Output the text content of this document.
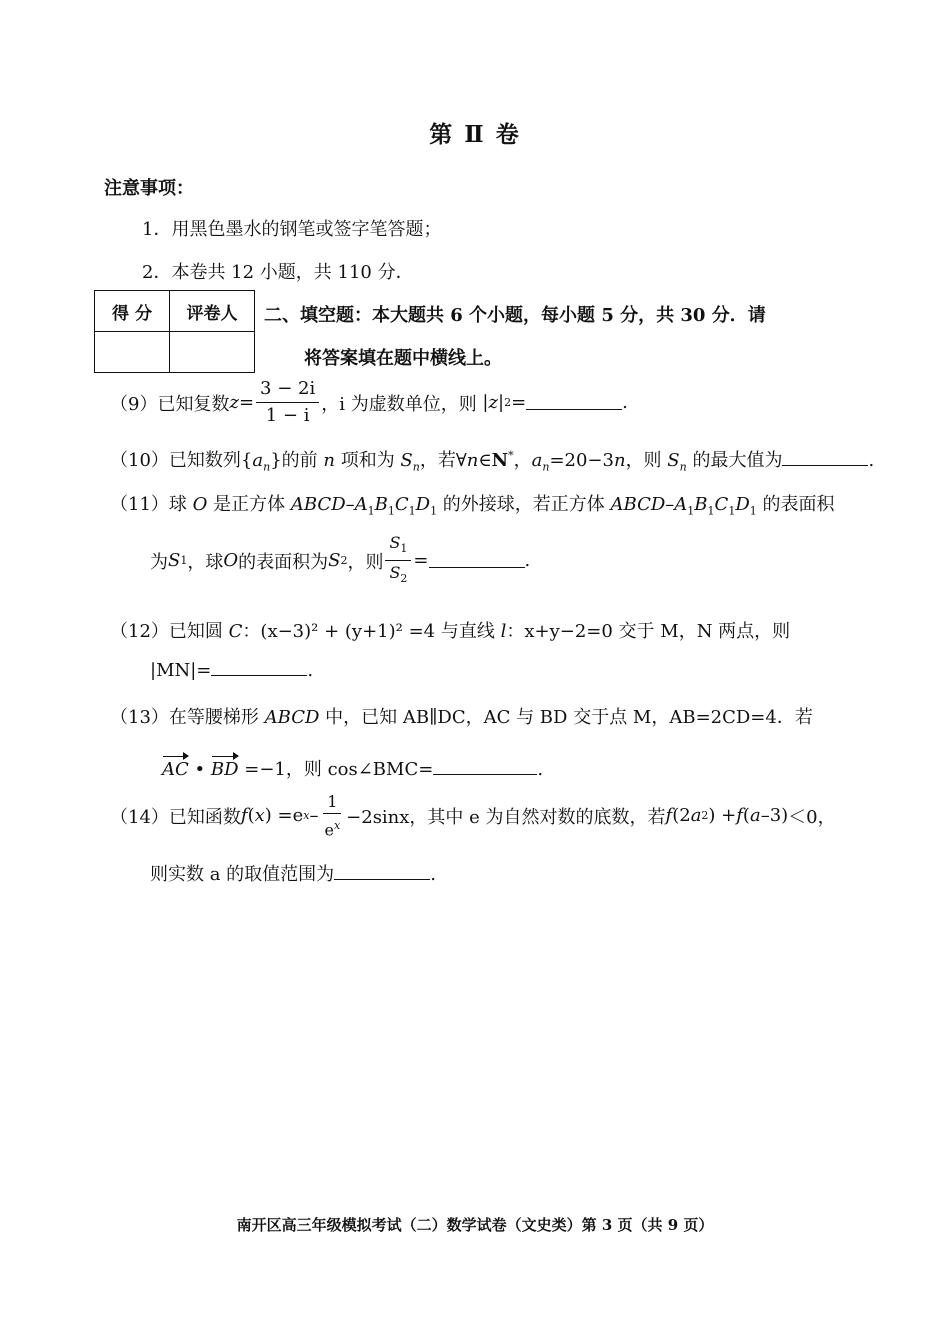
第 Ⅱ 卷
注意事项：
1．用黑色墨水的钢笔或签字笔答题；
2．本卷共 12 小题，共 110 分．
得 分	评卷人
	二、填空题：本大题共 6 个小题，每小题 5 分，共 30 分．请
将答案填在题中横线上。
（9）已知复数 $z = \frac{3 - 2i}{1 - i}$ ，i 为虚数单位，则 | z | 2 =	.
（10）已知数列$\{a_n\}$的前 n 项和为 $S_n$，若∀n∈N*，$a_n=20-3n$，则 $S_n$ 的最大值为	.
（11）球 O 是正方体 ABCD–$A_1B_1C_1D_1$ 的外接球，若正方体 ABCD–$A_1B_1C_1D_1$ 的表面积
为 S 1 ，球 O 的表面积为 S 2 ，则 $\frac{S_1}{S_2}$ =	.
（12）已知圆 C：(x−3)² + (y+1)² =4 与直线 l：x+y−2=0 交于 M，N 两点，则
|MN|=	.
（13）在等腰梯形 ABCD 中，已知 AB∥DC，AC 与 BD 交于点 M，AB=2CD=4．若
AC • BD =−1，则 cos∠BMC=	.
（14）已知函数 f ( x ) =e $x - \frac{1}{e^x} -2\sin x$，其中 e 为自然对数的底数，若 f (2 a 2 ) + f ( a –3) ＜0，
则实数 a 的取值范围为	.
南开区高三年级模拟考试（二）数学试卷（文史类）第 3 页（共 9 页）
